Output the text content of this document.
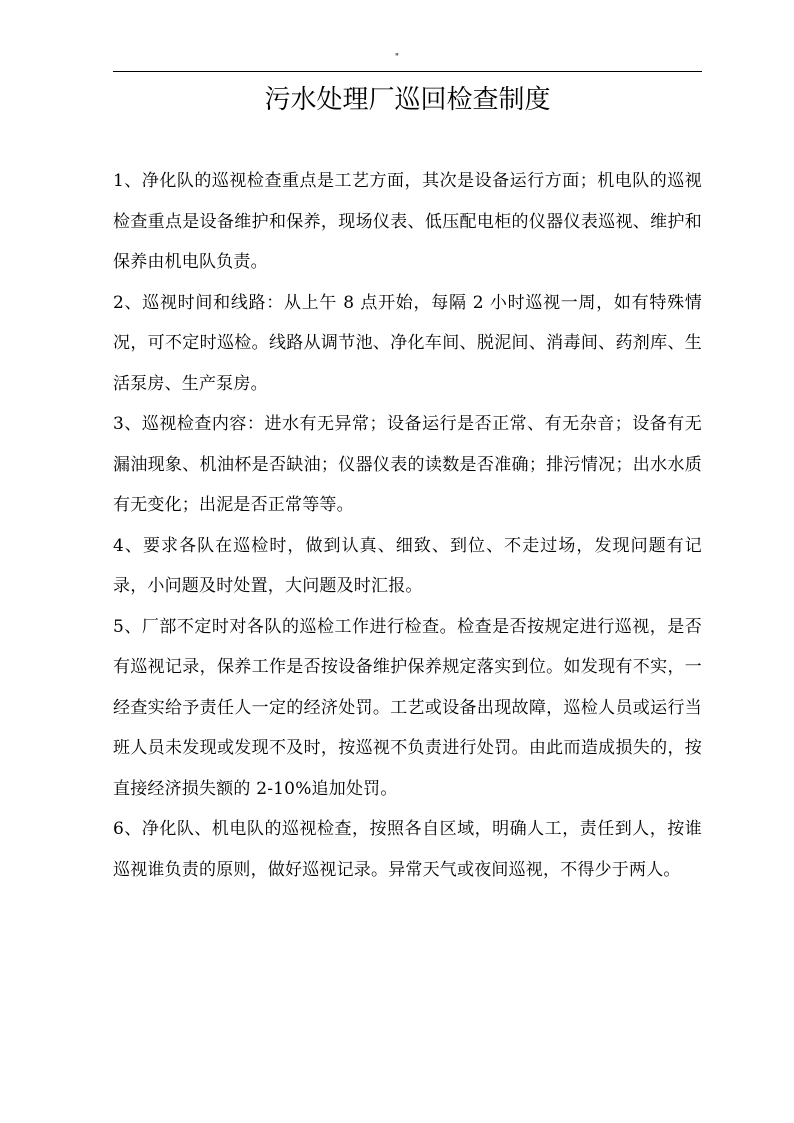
"
污水处理厂巡回检查制度

1、净化队的巡视检查重点是工艺方面，其次是设备运行方面；机电队的巡视检查重点是设备维护和保养，现场仪表、低压配电柜的仪器仪表巡视、维护和保养由机电队负责。

2、巡视时间和线路：从上午 8 点开始，每隔 2 小时巡视一周，如有特殊情况，可不定时巡检。线路从调节池、净化车间、脱泥间、消毒间、药剂库、生活泵房、生产泵房。

3、巡视检查内容：进水有无异常；设备运行是否正常、有无杂音；设备有无漏油现象、机油杯是否缺油；仪器仪表的读数是否准确；排污情况；出水水质有无变化；出泥是否正常等等。

4、要求各队在巡检时，做到认真、细致、到位、不走过场，发现问题有记录，小问题及时处置，大问题及时汇报。

5、厂部不定时对各队的巡检工作进行检查。检查是否按规定进行巡视，是否有巡视记录，保养工作是否按设备维护保养规定落实到位。如发现有不实，一经查实给予责任人一定的经济处罚。工艺或设备出现故障，巡检人员或运行当班人员未发现或发现不及时，按巡视不负责进行处罚。由此而造成损失的，按直接经济损失额的 2-10%追加处罚。

6、净化队、机电队的巡视检查，按照各自区域，明确人工，责任到人，按谁巡视谁负责的原则，做好巡视记录。异常天气或夜间巡视，不得少于两人。
